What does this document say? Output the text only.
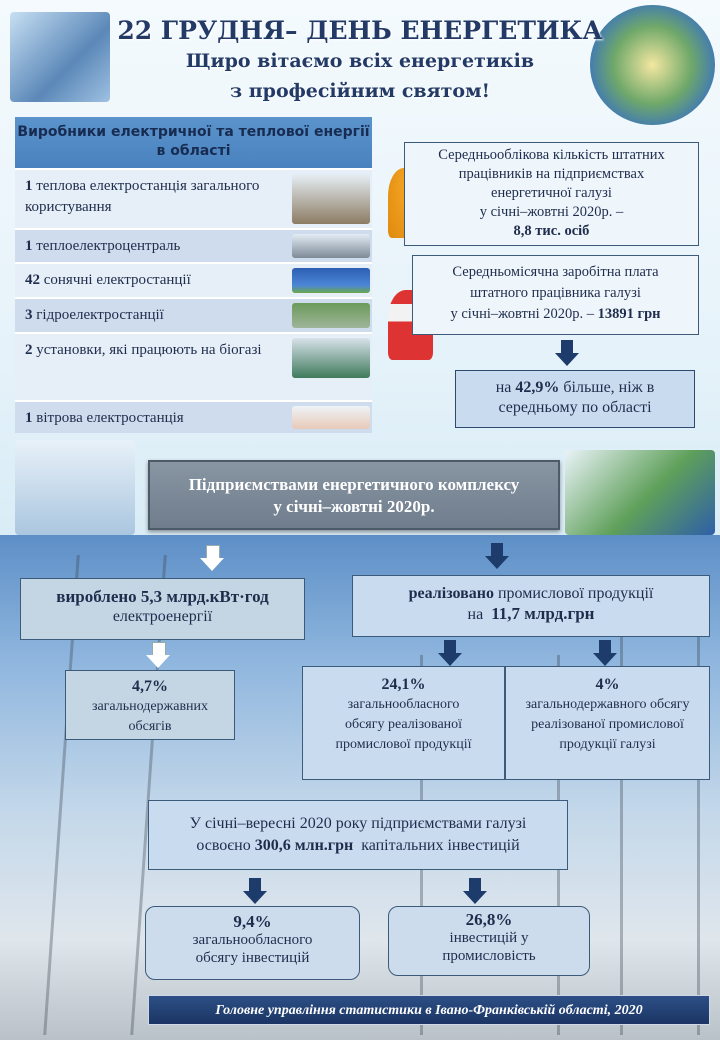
22 ГРУДНЯ– ДЕНЬ ЕНЕРГЕТИКА
Щиро вітаємо всіх енергетиків
з професійним святом!
Виробники електричної та теплової енергії в області
1 теплова електростанція загального користування
1 теплоелектроцентраль
42 сонячні електростанції
3 гідроелектростанції
2 установки, які працюють на біогазі
1 вітрова електростанція
Середньооблікова кількість штатних працівників на підприємствах енергетичної галузі
у січні–жовтні 2020р. –
8,8 тис. осіб
Середньомісячна заробітна плата штатного працівника галузі
у січні–жовтні 2020р. – 13891 грн
на 42,9% більше, ніж в середньому по області
Підприємствами енергетичного комплексу
у січні–жовтні 2020р.
вироблено 5,3 млрд.кВт·год
електроенергії
4,7%
загальнодержавних обсягів
реалізовано промислової продукції
на 11,7 млрд.грн
24,1%
загальнообласного обсягу реалізованої промислової продукції
4%
загальнодержавного обсягу реалізованої промислової продукції галузі
У січні–вересні 2020 року підприємствами галузі
освоєно 300,6 млн.грн капітальних інвестицій
9,4%
загальнообласного обсягу інвестицій
26,8%
інвестицій у промисловість
Головне управління статистики в Івано-Франківській області, 2020
